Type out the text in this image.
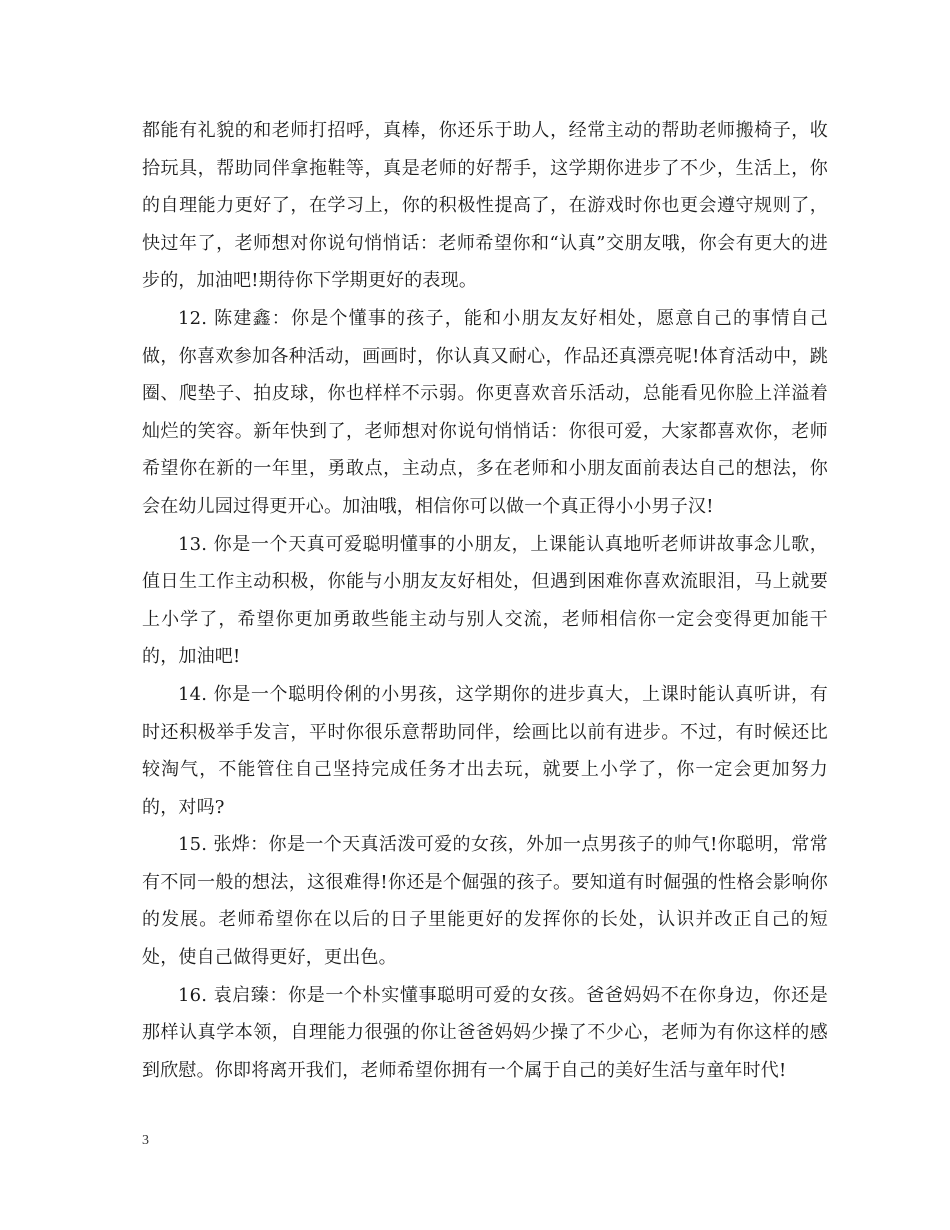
都能有礼貌的和老师打招呼，真棒，你还乐于助人，经常主动的帮助老师搬椅子，收拾玩具，帮助同伴拿拖鞋等，真是老师的好帮手，这学期你进步了不少，生活上，你的自理能力更好了，在学习上，你的积极性提高了，在游戏时你也更会遵守规则了，快过年了，老师想对你说句悄悄话：老师希望你和“认真”交朋友哦，你会有更大的进步的，加油吧!期待你下学期更好的表现。

12. 陈建鑫：你是个懂事的孩子，能和小朋友友好相处，愿意自己的事情自己做，你喜欢参加各种活动，画画时，你认真又耐心，作品还真漂亮呢!体育活动中，跳圈、爬垫子、拍皮球，你也样样不示弱。你更喜欢音乐活动，总能看见你脸上洋溢着灿烂的笑容。新年快到了，老师想对你说句悄悄话：你很可爱，大家都喜欢你，老师希望你在新的一年里，勇敢点，主动点，多在老师和小朋友面前表达自己的想法，你会在幼儿园过得更开心。加油哦，相信你可以做一个真正得小小男子汉!

13. 你是一个天真可爱聪明懂事的小朋友，上课能认真地听老师讲故事念儿歌，值日生工作主动积极，你能与小朋友友好相处，但遇到困难你喜欢流眼泪，马上就要上小学了，希望你更加勇敢些能主动与别人交流，老师相信你一定会变得更加能干的，加油吧!

14. 你是一个聪明伶俐的小男孩，这学期你的进步真大，上课时能认真听讲，有时还积极举手发言，平时你很乐意帮助同伴，绘画比以前有进步。不过，有时候还比较淘气，不能管住自己坚持完成任务才出去玩，就要上小学了，你一定会更加努力的，对吗?

15. 张烨：你是一个天真活泼可爱的女孩，外加一点男孩子的帅气!你聪明，常常有不同一般的想法，这很难得!你还是个倔强的孩子。要知道有时倔强的性格会影响你的发展。老师希望你在以后的日子里能更好的发挥你的长处，认识并改正自己的短处，使自己做得更好，更出色。

16. 袁启臻：你是一个朴实懂事聪明可爱的女孩。爸爸妈妈不在你身边，你还是那样认真学本领，自理能力很强的你让爸爸妈妈少操了不少心，老师为有你这样的感到欣慰。你即将离开我们，老师希望你拥有一个属于自己的美好生活与童年时代!

3
